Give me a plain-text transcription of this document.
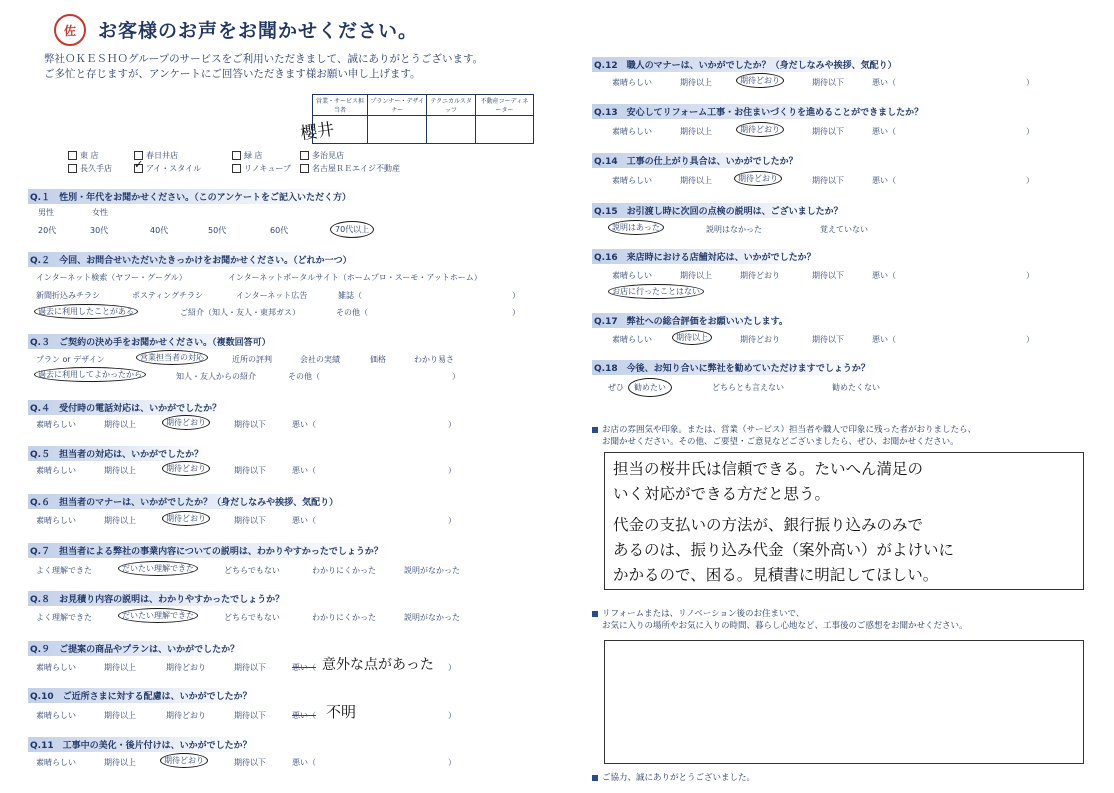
佐	お客様のお声をお聞かせください。
弊社ＯＫＥＳＨＯグループのサービスをご利用いただきまして、誠にありがとうございます。
ご多忙と存じますが、アンケートにご回答いただきます様お願い申し上げます。
営業・サービス担当者	プランナー・デザイナー	テクニカルスタッフ	不動産コーディネーター

櫻井
東 店	春日井店	緑 店	多治見店
長久手店 ✓ アイ・スタイル	リノキューブ	名古屋ＲＥエイジ不動産
Q.１　性別・年代をお聞かせください。（このアンケートをご記入いただく方）
男性	女性
20代	30代	40代	50代	60代	70代以上
Q.２　今回、お問合せいただいたきっかけをお聞かせください。（どれか一つ）
インターネット検索（ヤフー・グーグル）	インターネットポータルサイト（ホームプロ・スーモ・アットホーム）
新聞折込みチラシ	ポスティングチラシ	インターネット広告	雑誌（	）
過去に利用したことがある	ご紹介（知人・友人・東邦ガス）	その他（	）
Q.３　ご契約の決め手をお聞かせください。（複数回答可）
プラン or デザイン	営業担当者の対応	近所の評判	会社の実績	価格	わかり易さ
過去に利用してよかったから	知人・友人からの紹介	その他（	）
Q.４　受付時の電話対応は、いかがでしたか？
素晴らしい	期待以上	期待どおり	期待以下	悪い（	）
Q.５　担当者の対応は、いかがでしたか？
素晴らしい	期待以上	期待どおり	期待以下	悪い（	）
Q.６　担当者のマナーは、いかがでしたか？（身だしなみや挨拶、気配り）
素晴らしい	期待以上	期待どおり	期待以下	悪い（	）
Q.７　担当者による弊社の事業内容についての説明は、わかりやすかったでしょうか？
よく理解できた	だいたい理解できた	どちらでもない	わかりにくかった	説明がなかった
Q.８　お見積り内容の説明は、わかりやすかったでしょうか？
よく理解できた	だいたい理解できた	どちらでもない	わかりにくかった	説明がなかった
Q.９　ご提案の商品やプランは、いかがでしたか？
素晴らしい	期待以上	期待どおり	期待以下	悪い（ 意外な点があった ）
Q.10　ご近所さまに対する配慮は、いかがでしたか？
素晴らしい	期待以上	期待どおり	期待以下	悪い（ 不明	）
Q.11　工事中の美化・後片付けは、いかがでしたか？
素晴らしい	期待以上	期待どおり	期待以下	悪い（	）
Q.12　職人のマナーは、いかがでしたか？（身だしなみや挨拶、気配り）
素晴らしい	期待以上	期待どおり	期待以下	悪い（	）
Q.13　安心してリフォーム工事・お住まいづくりを進めることができましたか？
素晴らしい	期待以上	期待どおり	期待以下	悪い（	）
Q.14　工事の仕上がり具合は、いかがでしたか？
素晴らしい	期待以上	期待どおり	期待以下	悪い（	）
Q.15　お引渡し時に次回の点検の説明は、ございましたか？
説明はあった	説明はなかった	覚えていない
Q.16　来店時における店舗対応は、いかがでしたか？
素晴らしい	期待以上	期待どおり	期待以下	悪い（	）
お店に行ったことはない
Q.17　弊社への総合評価をお願いいたします。
素晴らしい	期待以上	期待どおり	期待以下	悪い（	）
Q.18　今後、お知り合いに弊社を勧めていただけますでしょうか？
ぜひ	勧めたい	どちらとも言えない	勧めたくない
お店の雰囲気や印象。または、営業（サービス）担当者や職人で印象に残った者がおりましたら、
お聞かせください。その他、ご要望・ご意見などございましたら、ぜひ、お聞かせください。
担当の桜井氏は信頼できる。たいへん満足の
いく対応ができる方だと思う。
代金の支払いの方法が、銀行振り込みのみで
あるのは、振り込み代金（案外高い）がよけいに
かかるので、困る。見積書に明記してほしい。
リフォームまたは、リノベーション後のお住まいで、
お気に入りの場所やお気に入りの時間、暮らし心地など、工事後のご感想をお聞かせください。
ご協力、誠にありがとうございました。
